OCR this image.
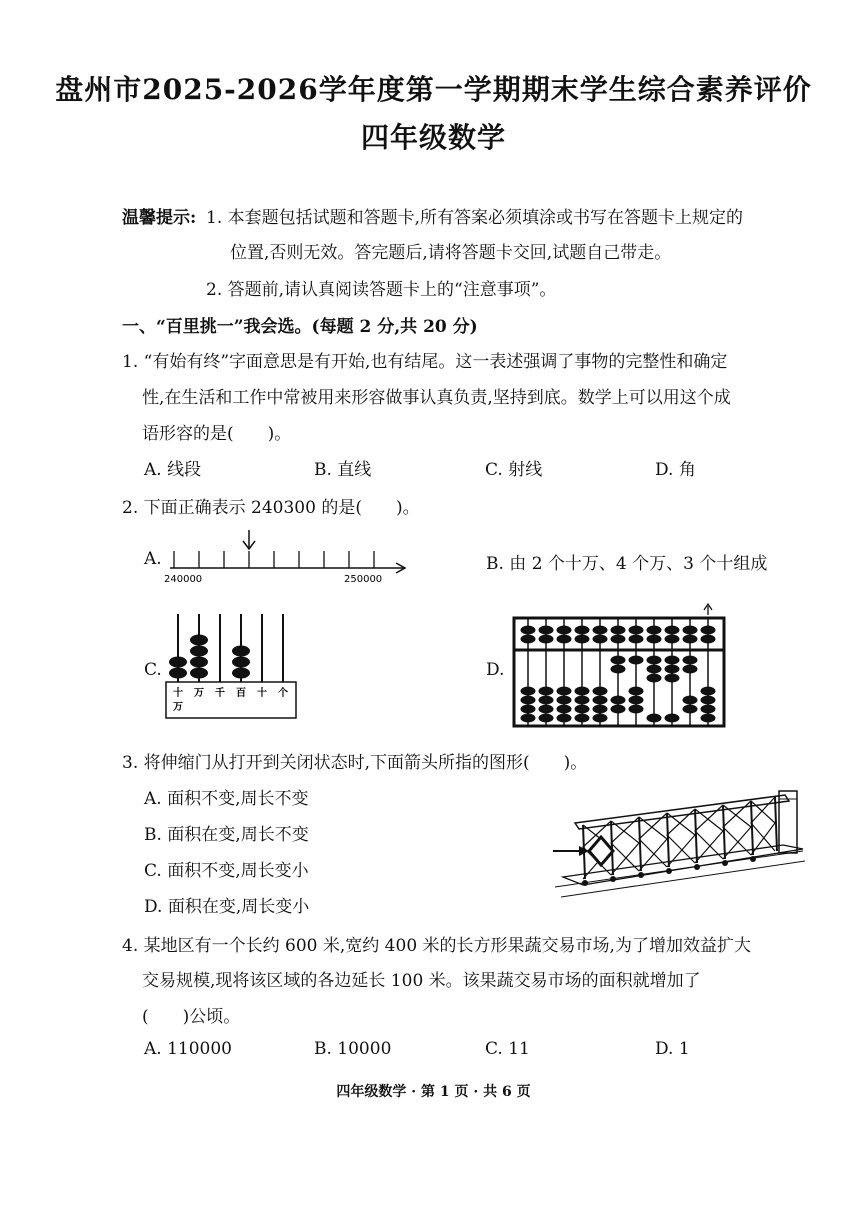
盘州市2025-2026学年度第一学期期末学生综合素养评价
四年级数学
温馨提示: 1. 本套题包括试题和答题卡,所有答案必须填涂或书写在答题卡上规定的
位置,否则无效。答完题后,请将答题卡交回,试题自己带走。
2. 答题前,请认真阅读答题卡上的“注意事项”。
一、“百里挑一”我会选。(每题 2 分,共 20 分)
1. “有始有终”字面意思是有开始,也有结尾。这一表述强调了事物的完整性和确定
性,在生活和工作中常被用来形容做事认真负责,坚持到底。数学上可以用这个成
语形容的是(　　)。
A. 线段	B. 直线	C. 射线	D. 角
2. 下面正确表示 240300 的是(　　)。
A.
240000	250000
B. 由 2 个十万、4 个万、3 个十组成
C.
十
万
万 千 百 十 个
D.
3. 将伸缩门从打开到关闭状态时,下面箭头所指的图形(　　)。
A. 面积不变,周长不变
B. 面积在变,周长不变
C. 面积不变,周长变小
D. 面积在变,周长变小
4. 某地区有一个长约 600 米,宽约 400 米的长方形果蔬交易市场,为了增加效益扩大
交易规模,现将该区域的各边延长 100 米。该果蔬交易市场的面积就增加了
(　　)公顷。
A. 110000	B. 10000	C. 11	D. 1
四年级数学 · 第 1 页 · 共 6 页
